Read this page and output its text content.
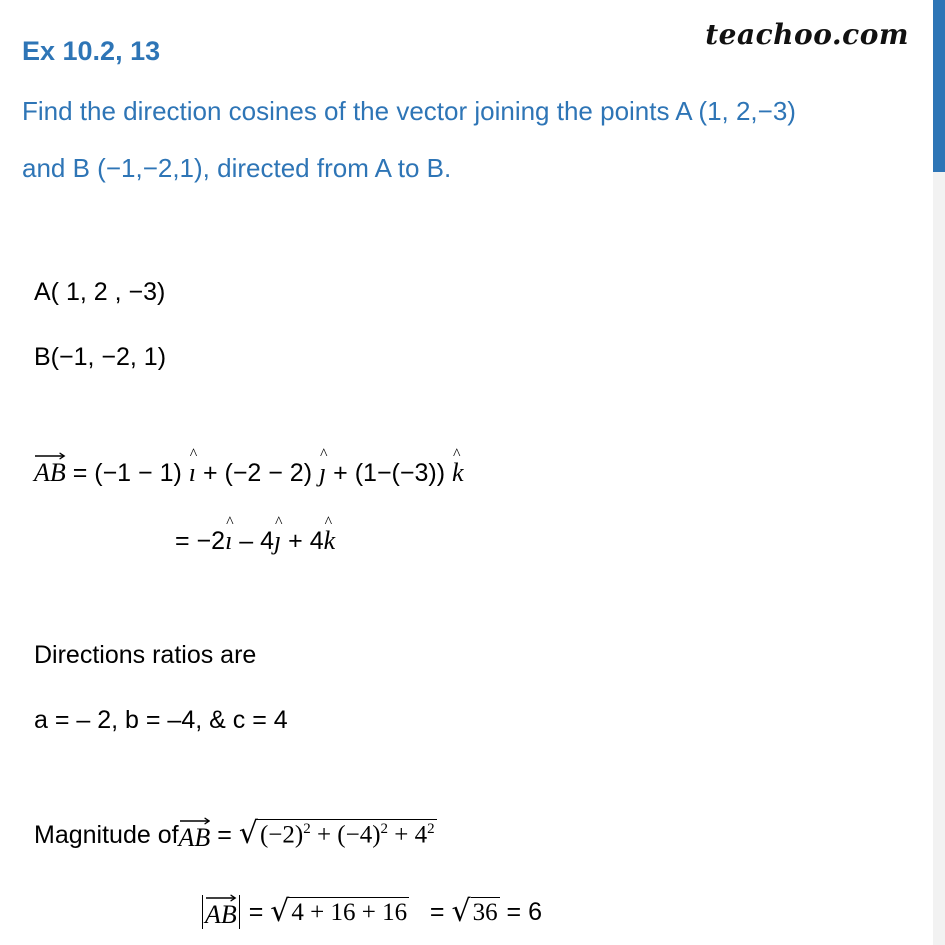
Ex 10.2, 13	teachoo.com
Find the direction cosines of the vector joining the points A (1, 2,−3)
and B (−1,−2,1), directed from A to B.
A( 1, 2 , −3)
B(−1, −2, 1)
AB = (−1 − 1) ^ ı + (−2 − 2) ^ ȷ + (1−(−3)) ^ k
= −2^ ı – 4^ ȷ + 4^ k
Directions ratios are
a = – 2, b = –4, & c = 4
Magnitude of AB = √ $(-2)^2 + (-4)^2 + 4^2$
AB = √ 4 + 16 + 16 = √ 36 = 6
